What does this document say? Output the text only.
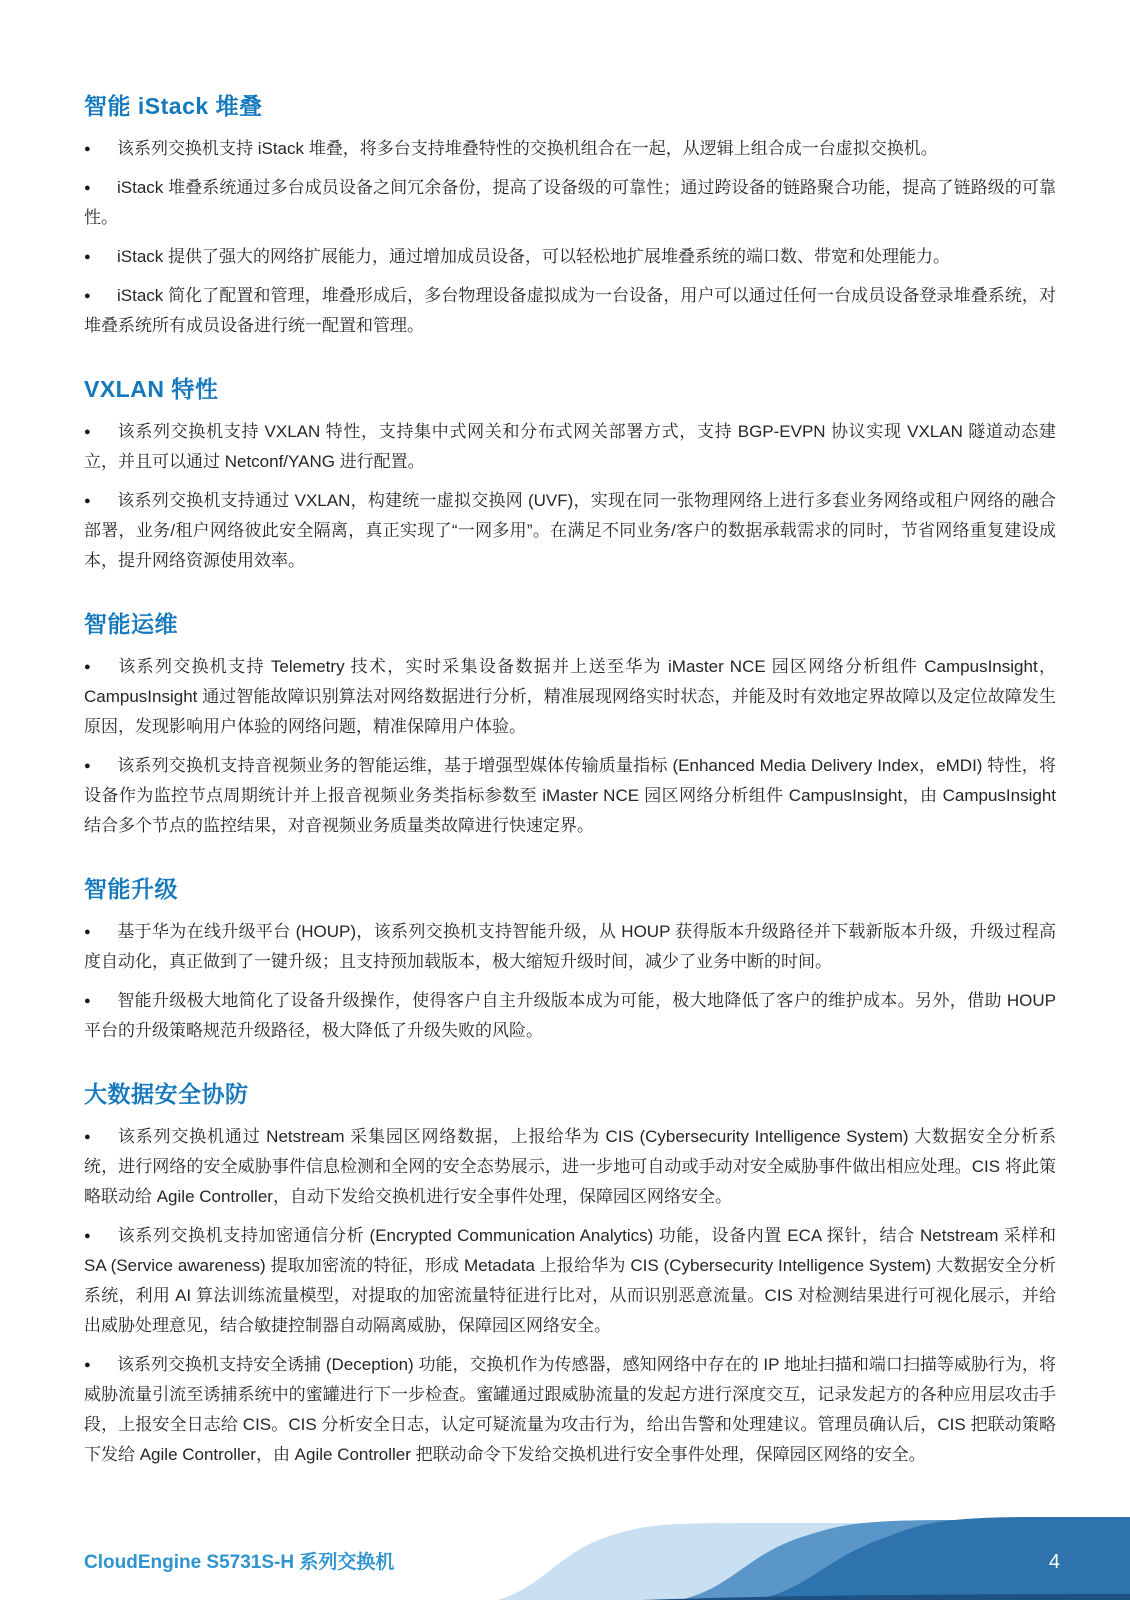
智能 iStack 堆叠

● 该系列交换机支持 iStack 堆叠，将多台支持堆叠特性的交换机组合在一起，从逻辑上组合成一台虚拟交换机。

● iStack 堆叠系统通过多台成员设备之间冗余备份，提高了设备级的可靠性；通过跨设备的链路聚合功能，提高了链路级的可靠性。

● iStack 提供了强大的网络扩展能力，通过增加成员设备，可以轻松地扩展堆叠系统的端口数、带宽和处理能力。

● iStack 简化了配置和管理，堆叠形成后，多台物理设备虚拟成为一台设备，用户可以通过任何一台成员设备登录堆叠系统，对堆叠系统所有成员设备进行统一配置和管理。

VXLAN 特性

● 该系列交换机支持 VXLAN 特性，支持集中式网关和分布式网关部署方式，支持 BGP-EVPN 协议实现 VXLAN 隧道动态建立，并且可以通过 Netconf/YANG 进行配置。

● 该系列交换机支持通过 VXLAN，构建统一虚拟交换网 (UVF)，实现在同一张物理网络上进行多套业务网络或租户网络的融合部署，业务/租户网络彼此安全隔离，真正实现了“一网多用”。在满足不同业务/客户的数据承载需求的同时，节省网络重复建设成本，提升网络资源使用效率。

智能运维

● 该系列交换机支持 Telemetry 技术，实时采集设备数据并上送至华为 iMaster NCE 园区网络分析组件 CampusInsight，CampusInsight 通过智能故障识别算法对网络数据进行分析，精准展现网络实时状态，并能及时有效地定界故障以及定位故障发生原因，发现影响用户体验的网络问题，精准保障用户体验。

● 该系列交换机支持音视频业务的智能运维，基于增强型媒体传输质量指标 (Enhanced Media Delivery Index，eMDI) 特性，将设备作为监控节点周期统计并上报音视频业务类指标参数至 iMaster NCE 园区网络分析组件 CampusInsight，由 CampusInsight 结合多个节点的监控结果，对音视频业务质量类故障进行快速定界。

智能升级

● 基于华为在线升级平台 (HOUP)，该系列交换机支持智能升级，从 HOUP 获得版本升级路径并下载新版本升级，升级过程高度自动化，真正做到了一键升级；且支持预加载版本，极大缩短升级时间，减少了业务中断的时间。

● 智能升级极大地简化了设备升级操作，使得客户自主升级版本成为可能，极大地降低了客户的维护成本。另外，借助 HOUP 平台的升级策略规范升级路径，极大降低了升级失败的风险。

大数据安全协防

● 该系列交换机通过 Netstream 采集园区网络数据，上报给华为 CIS (Cybersecurity Intelligence System) 大数据安全分析系统，进行网络的安全威胁事件信息检测和全网的安全态势展示，进一步地可自动或手动对安全威胁事件做出相应处理。CIS 将此策略联动给 Agile Controller，自动下发给交换机进行安全事件处理，保障园区网络安全。

● 该系列交换机支持加密通信分析 (Encrypted Communication Analytics) 功能，设备内置 ECA 探针，结合 Netstream 采样和 SA (Service awareness) 提取加密流的特征，形成 Metadata 上报给华为 CIS (Cybersecurity Intelligence System) 大数据安全分析系统，利用 AI 算法训练流量模型，对提取的加密流量特征进行比对，从而识别恶意流量。CIS 对检测结果进行可视化展示，并给出威胁处理意见，结合敏捷控制器自动隔离威胁，保障园区网络安全。

● 该系列交换机支持安全诱捕 (Deception) 功能，交换机作为传感器，感知网络中存在的 IP 地址扫描和端口扫描等威胁行为，将威胁流量引流至诱捕系统中的蜜罐进行下一步检查。蜜罐通过跟威胁流量的发起方进行深度交互，记录发起方的各种应用层攻击手段，上报安全日志给 CIS。CIS 分析安全日志，认定可疑流量为攻击行为，给出告警和处理建议。管理员确认后，CIS 把联动策略下发给 Agile Controller，由 Agile Controller 把联动命令下发给交换机进行安全事件处理，保障园区网络的安全。

CloudEngine S5731S-H 系列交换机	4
